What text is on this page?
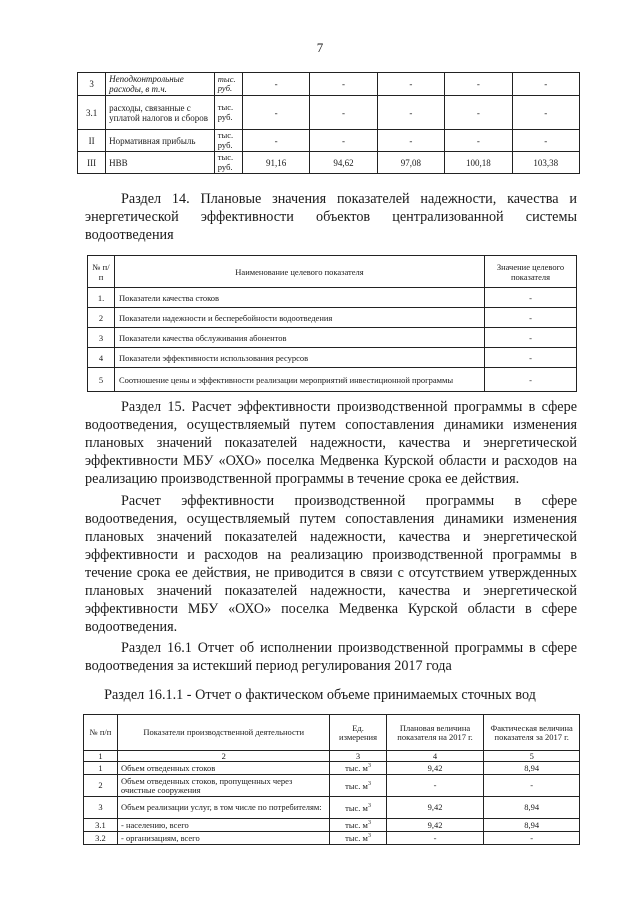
7
3	Неподконтрольные расходы, в т.ч.	тыс. руб.	-	-	-	-	-
3.1	расходы, связанные с уплатой налогов и сборов	тыс. руб.	-	-	-	-	-
II	Нормативная прибыль	тыс. руб.	-	-	-	-	-
III	НВВ	тыс. руб.	91,16	94,62	97,08	100,18	103,38
Раздел 14. Плановые значения показателей надежности, качества и
энергетической эффективности объектов централизованной системы
водоотведения
№ п/п	Наименование целевого показателя	Значение целевого показателя
1.	Показатели качества стоков	-
2	Показатели надежности и бесперебойности водоотведения	-
3	Показатели качества обслуживания абонентов	-
4	Показатели эффективности использования ресурсов	-
5	Соотношение цены и эффективности реализации мероприятий инвестиционной программы	-
Раздел 15. Расчет эффективности производственной программы в сфере водоотведения, осуществляемый путем сопоставления динамики изменения плановых значений показателей надежности, качества и энергетической эффективности МБУ «ОХО» поселка Медвенка Курской области и расходов на реализацию производственной программы в течение срока ее действия.
Расчет эффективности производственной программы в сфере водоотведения, осуществляемый путем сопоставления динамики изменения плановых значений показателей надежности, качества и энергетической эффективности и расходов на реализацию производственной программы в течение срока ее действия, не приводится в связи с отсутствием утвержденных плановых значений показателей надежности, качества и энергетической эффективности МБУ «ОХО» поселка Медвенка Курской области в сфере водоотведения.
Раздел 16.1 Отчет об исполнении производственной программы в сфере
водоотведения за истекший период регулирования 2017 года
Раздел 16.1.1 - Отчет о фактическом объеме принимаемых сточных вод
№ п/п	Показатели производственной деятельности	Ед. измерения	Плановая величина показателя на 2017 г.	Фактическая величина показателя за 2017 г.
1	2	3	4	5
1	Объем отведенных стоков	тыс. $м^3$	9,42	8,94
2	Объем отведенных стоков, пропущенных через очистные сооружения	тыс. $м^3$	-	-
3	Объем реализации услуг, в том числе по потребителям:	тыс. $м^3$	9,42	8,94
3.1	- населению, всего	тыс. $м^3$	9,42	8,94
3.2	- организациям, всего	тыс. $м^3$	-	-
